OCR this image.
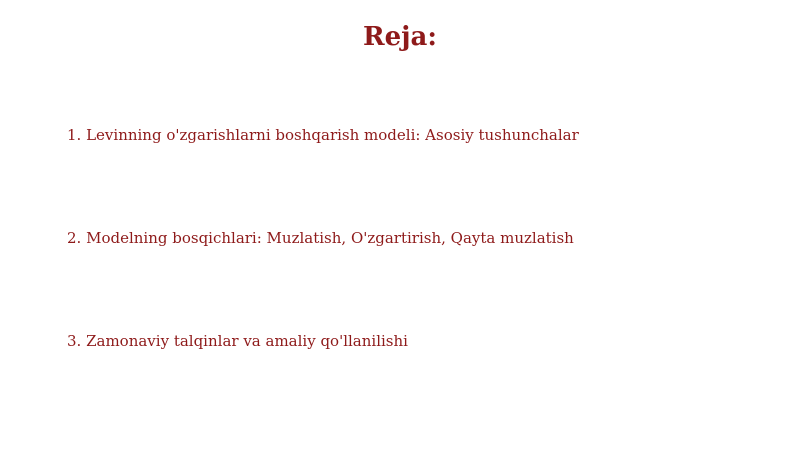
Reja:
1. Levinning o'zgarishlarni boshqarish modeli: Asosiy tushunchalar
2. Modelning bosqichlari: Muzlatish, O'zgartirish, Qayta muzlatish
3. Zamonaviy talqinlar va amaliy qo'llanilishi
